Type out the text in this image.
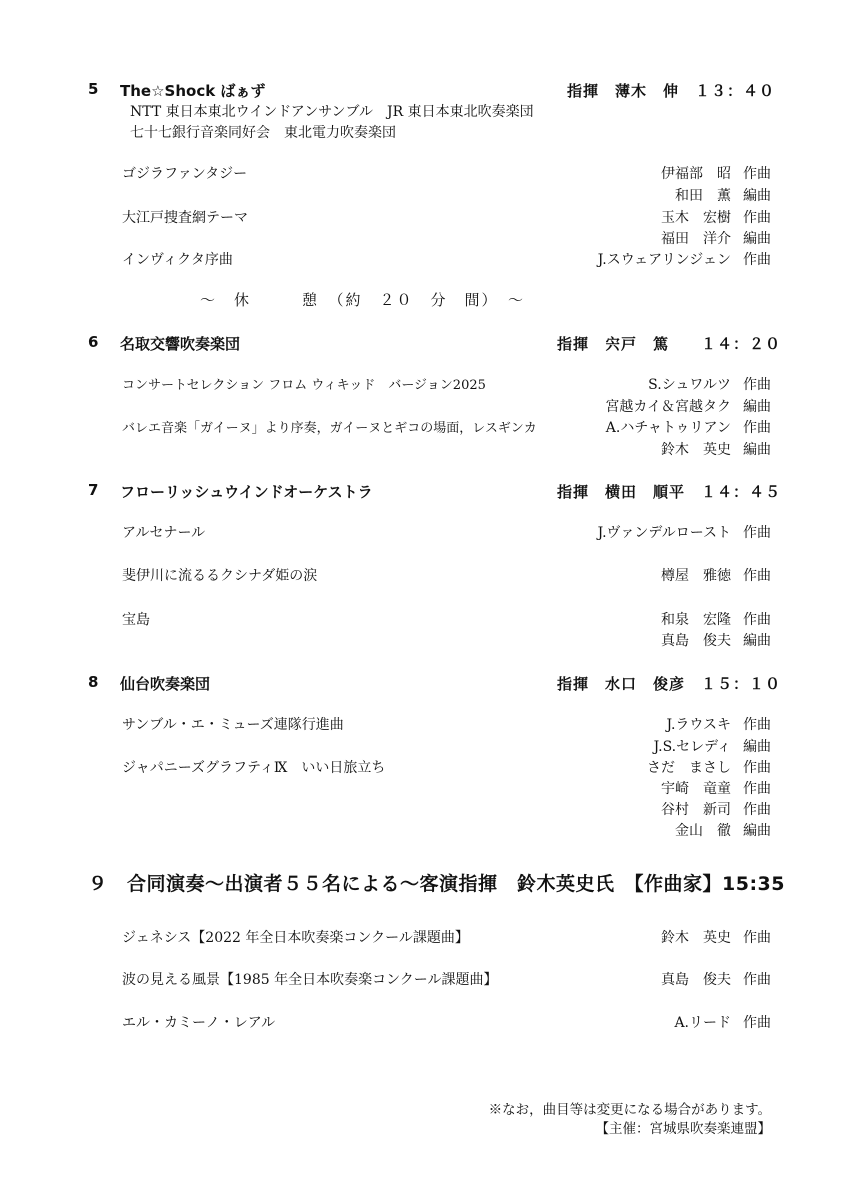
5 The☆Shock ばぁず	指揮　薄木　伸　１３：４０
NTT 東日本東北ウインドアンサンブル　JR 東日本東北吹奏楽団
七十七銀行音楽同好会　東北電力吹奏楽団
ゴジラファンタジー	伊福部　昭 作曲
和田　薫 編曲
大江戸捜査網テーマ	玉木　宏樹 作曲
福田　洋介 編曲
インヴィクタ序曲	J.スウェアリンジェン 作曲
～　休　　　憩　（約　２０　分　間）　～
6 名取交響吹奏楽団	指揮　宍戸　篤　　１４：２０
コンサートセレクション フロム ウィキッド　バージョン2025	S.シュワルツ 作曲
宮越カイ＆宮越タク 編曲
バレエ音楽「ガイーヌ」より序奏，ガイーヌとギコの場面，レスギンカ	A.ハチャトゥリアン 作曲
鈴木　英史 編曲
7 フローリッシュウインドオーケストラ	指揮　横田　順平　１４：４５
アルセナール	J.ヴァンデルロースト 作曲
斐伊川に流るるクシナダ姫の涙	樽屋　雅徳 作曲
宝島	和泉　宏隆 作曲
真島　俊夫 編曲
8 仙台吹奏楽団	指揮　水口　俊彦　１５：１０
サンブル・エ・ミューズ連隊行進曲	J.ラウスキ 作曲
J.S.セレディ 編曲
ジャパニーズグラフティⅨ　いい日旅立ち	さだ　まさし 作曲
宇崎　竜童 作曲
谷村　新司 作曲
金山　徹 編曲
９　合同演奏～出演者５５名による～客演指揮　鈴木英史氏　【作曲家】15:35
ジェネシス【2022 年全日本吹奏楽コンクール課題曲】	鈴木　英史 作曲
波の見える風景【1985 年全日本吹奏楽コンクール課題曲】	真島　俊夫 作曲
エル・カミーノ・レアル	A.リード 作曲
※なお，曲目等は変更になる場合があります。
【主催：宮城県吹奏楽連盟】
